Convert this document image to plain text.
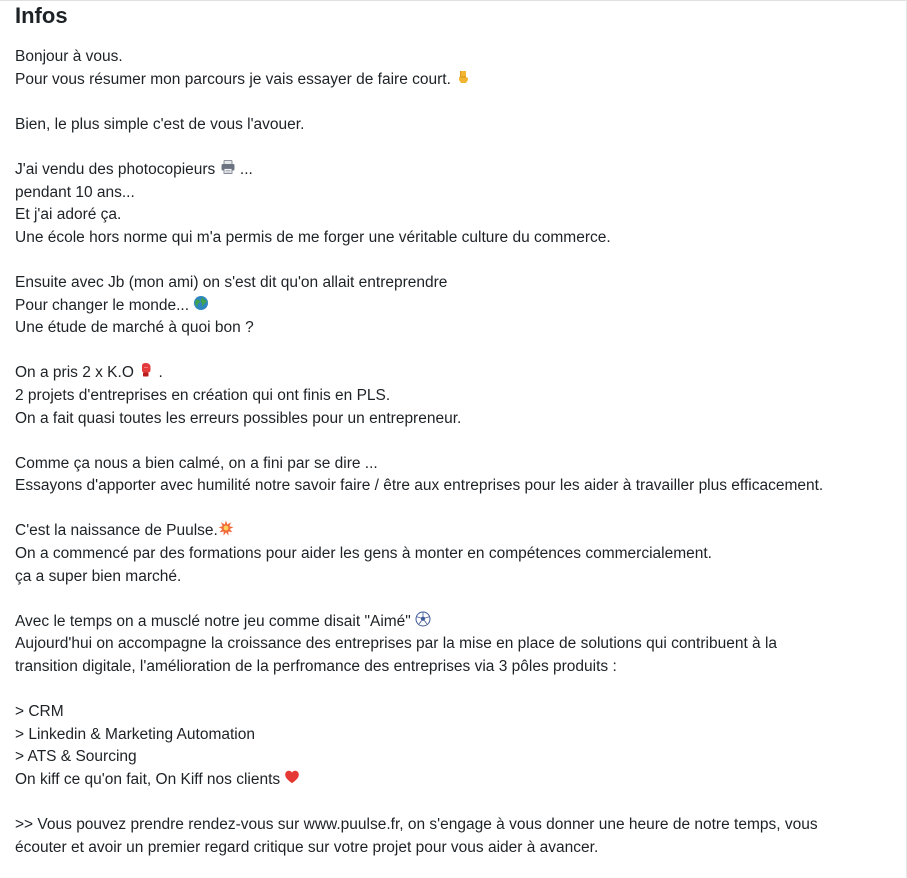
Infos
Bonjour à vous.
Pour vous résumer mon parcours je vais essayer de faire court.
Bien, le plus simple c'est de vous l'avouer.
J'ai vendu des photocopieurs ...
pendant 10 ans...
Et j'ai adoré ça.
Une école hors norme qui m'a permis de me forger une véritable culture du commerce.
Ensuite avec Jb (mon ami) on s'est dit qu'on allait entreprendre
Pour changer le monde...
Une étude de marché à quoi bon ?
On a pris 2 x K.O .
2 projets d'entreprises en création qui ont finis en PLS.
On a fait quasi toutes les erreurs possibles pour un entrepreneur.
Comme ça nous a bien calmé, on a fini par se dire ...
Essayons d'apporter avec humilité notre savoir faire / être aux entreprises pour les aider à travailler plus efficacement.
C'est la naissance de Puulse.
On a commencé par des formations pour aider les gens à monter en compétences commercialement.
ça a super bien marché.
Avec le temps on a musclé notre jeu comme disait "Aimé"
Aujourd'hui on accompagne la croissance des entreprises par la mise en place de solutions qui contribuent à la
transition digitale, l'amélioration de la perfromance des entreprises via 3 pôles produits :
> CRM
> Linkedin & Marketing Automation
> ATS & Sourcing
On kiff ce qu'on fait, On Kiff nos clients
>> Vous pouvez prendre rendez-vous sur www.puulse.fr, on s'engage à vous donner une heure de notre temps, vous
écouter et avoir un premier regard critique sur votre projet pour vous aider à avancer.
